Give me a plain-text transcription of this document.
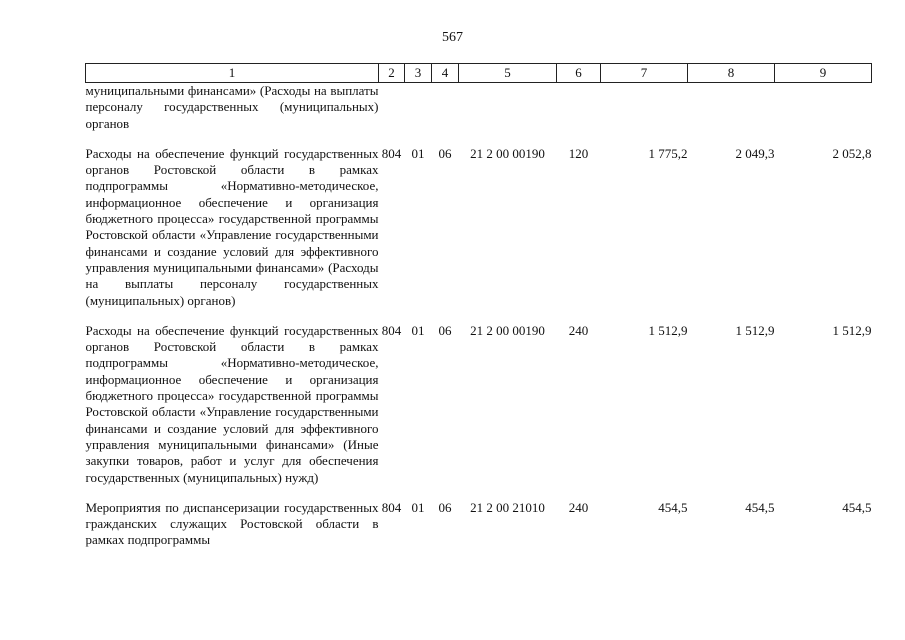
567
1	2	3	4	5	6	7	8	9
муниципальными финансами» (Расходы на выплаты персоналу государственных (муниципальных) органов								
Расходы на обеспечение функций государственных органов Ростовской области в рамках подпрограммы «Нормативно-методическое, информационное обеспечение и организация бюджетного процесса» государственной программы Ростовской области «Управление государственными финансами и создание условий для эффективного управления муниципальными финансами» (Расходы на выплаты персоналу государственных (муниципальных) органов)	804	01	06	21 2 00 00190	120	1 775,2	2 049,3	2 052,8
Расходы на обеспечение функций государственных органов Ростовской области в рамках подпрограммы «Нормативно-методическое, информационное обеспечение и организация бюджетного процесса» государственной программы Ростовской области «Управление государственными финансами и создание условий для эффективного управления муниципальными финансами» (Иные закупки товаров, работ и услуг для обеспечения государственных (муниципальных) нужд)	804	01	06	21 2 00 00190	240	1 512,9	1 512,9	1 512,9
Мероприятия по диспансеризации государственных гражданских служащих Ростовской области в рамках подпрограммы	804	01	06	21 2 00 21010	240	454,5	454,5	454,5
